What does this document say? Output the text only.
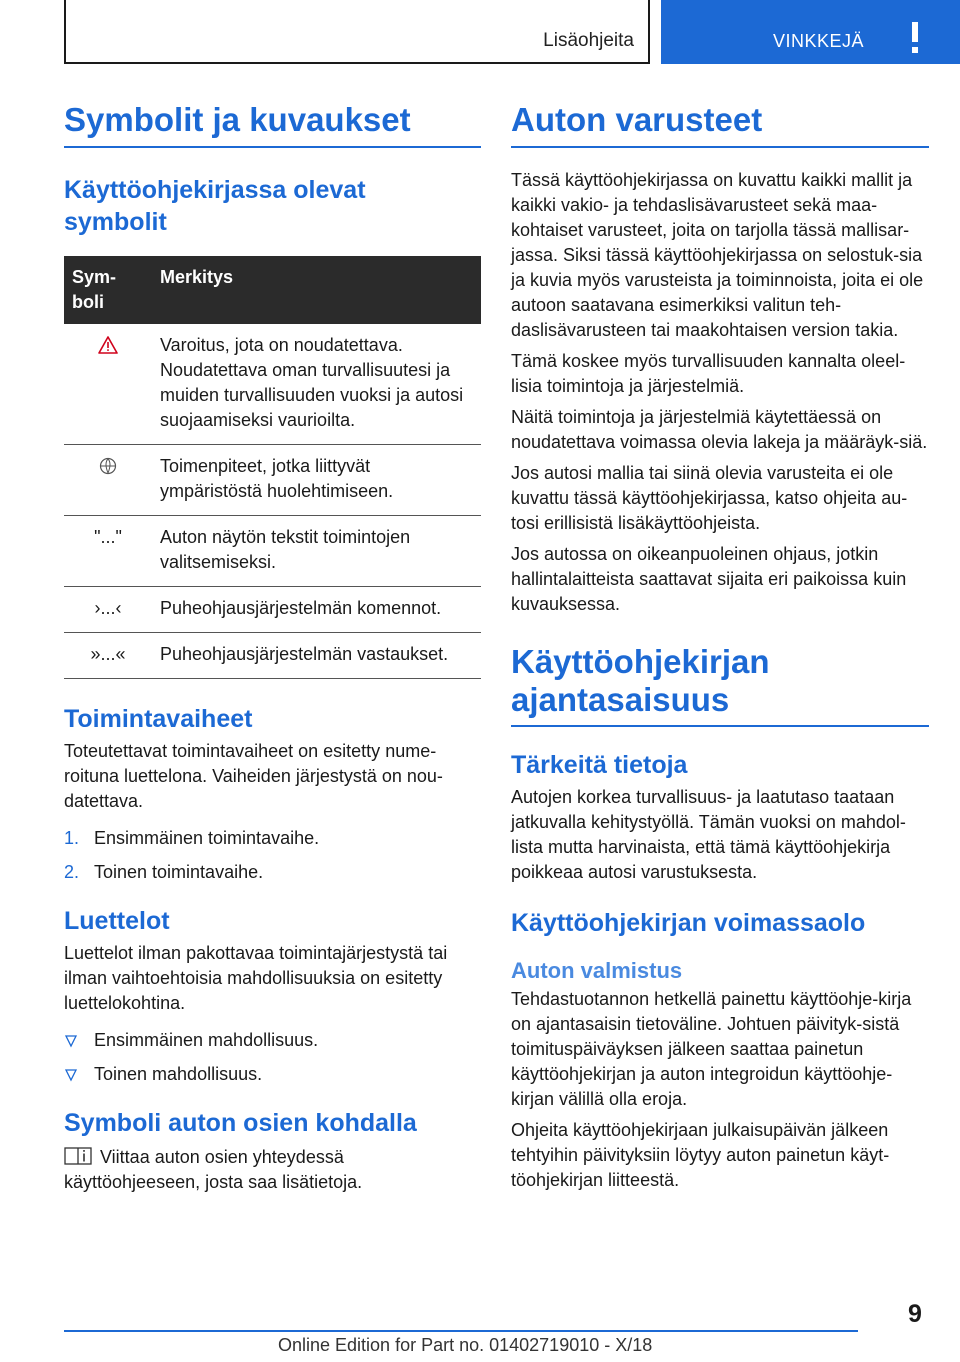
Lisäohjeita	VINKKEJÄ
Symbolit ja kuvaukset
Käyttöohjekirjassa olevat symbolit
Sym-
boli	Merkitys
	Varoitus, jota on noudatettava. Noudatettava oman turvallisuutesi ja muiden turvallisuuden vuoksi ja autosi suojaamiseksi vaurioilta.
	Toimenpiteet, jotka liittyvät ympäristöstä huolehtimiseen.
"..."	Auton näytön tekstit toimintojen valitsemiseksi.
›...‹	Puheohjausjärjestelmän komennot.
»...«	Puheohjausjärjestelmän vastaukset.
Toimintavaiheet

Toteutettavat toimintavaiheet on esitetty nume-roituna luettelona. Vaiheiden järjestystä on nou-datettava.

1. Ensimmäinen toimintavaihe.
2. Toinen toimintavaihe.
Luettelot

Luettelot ilman pakottavaa toimintajärjestystä tai ilman vaihtoehtoisia mahdollisuuksia on esitetty luettelokohtina.

Ensimmäinen mahdollisuus.
Toinen mahdollisuus.
Symboli auton osien kohdalla

Viittaa auton osien yhteydessä
käyttöohjeeseen, josta saa lisätietoja.

Auton varusteet

Tässä käyttöohjekirjassa on kuvattu kaikki mallit ja kaikki vakio- ja tehdaslisävarusteet sekä maa-kohtaiset varusteet, joita on tarjolla tässä mallisar-jassa. Siksi tässä käyttöohjekirjassa on selostuk-sia ja kuvia myös varusteista ja toiminnoista, joita ei ole autoon saatavana esimerkiksi valitun teh-daslisävarusteen tai maakohtaisen version takia.

Tämä koskee myös turvallisuuden kannalta oleel-lisia toimintoja ja järjestelmiä.

Näitä toimintoja ja järjestelmiä käytettäessä on noudatettava voimassa olevia lakeja ja määräyk-siä.

Jos autosi mallia tai siinä olevia varusteita ei ole kuvattu tässä käyttöohjekirjassa, katso ohjeita au-tosi erillisistä lisäkäyttöohjeista.

Jos autossa on oikeanpuoleinen ohjaus, jotkin hallintalaitteista saattavat sijaita eri paikoissa kuin kuvauksessa.

Käyttöohjekirjan
ajantasaisuus
Tärkeitä tietoja

Autojen korkea turvallisuus- ja laatutaso taataan jatkuvalla kehitystyöllä. Tämän vuoksi on mahdol-lista mutta harvinaista, että tämä käyttöohjekirja poikkeaa autosi varustuksesta.

Käyttöohjekirjan voimassaolo
Auton valmistus

Tehdastuotannon hetkellä painettu käyttöohje-kirja on ajantasaisin tietoväline. Johtuen päivityk-sistä toimituspäiväyksen jälkeen saattaa painetun käyttöohjekirjan ja auton integroidun käyttöohje-kirjan välillä olla eroja.

Ohjeita käyttöohjekirjaan julkaisupäivän jälkeen tehtyihin päivityksiin löytyy auton painetun käyt-töohjekirjan liitteestä.

9
Online Edition for Part no. 01402719010 - X/18
